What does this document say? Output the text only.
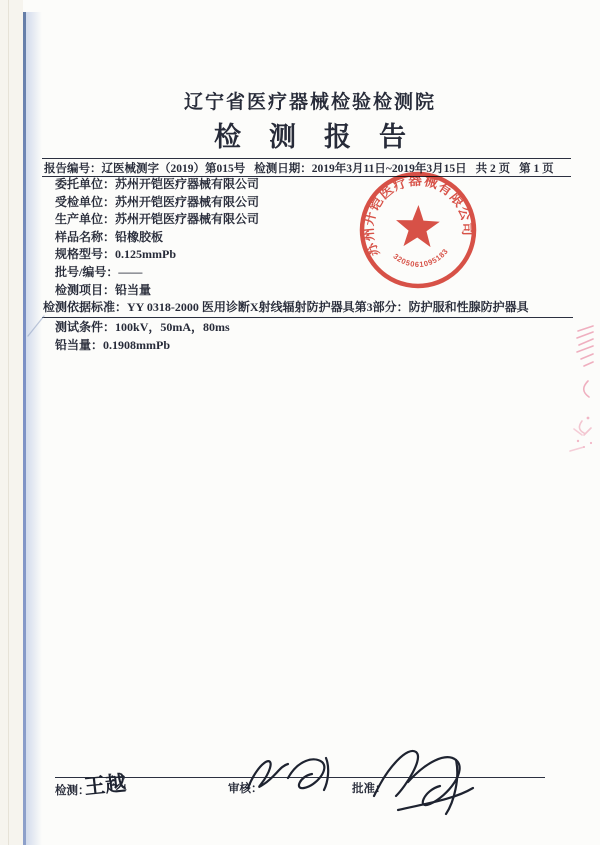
辽宁省医疗器械检验检测院
检测报告
报告编号： 辽医械测字（2019）第015号 检测日期： 2019年3月11日~2019年3月15日 共 2 页 第 1 页
委托单位：苏州开铠医疗器械有限公司
受检单位：苏州开铠医疗器械有限公司
生产单位：苏州开铠医疗器械有限公司
样品名称：铅橡胶板
规格型号：0.125mmPb
批号/编号：——
检测项目：铅当量
检测依据标准：YY 0318-2000 医用诊断X射线辐射防护器具第3部分：防护服和性腺防护器具
测试条件：100kV，50mA，80ms
铅当量：0.1908mmPb
苏州开铠医疗器械有限公司
3205061095183
检测：	审核：	批准：
王越
